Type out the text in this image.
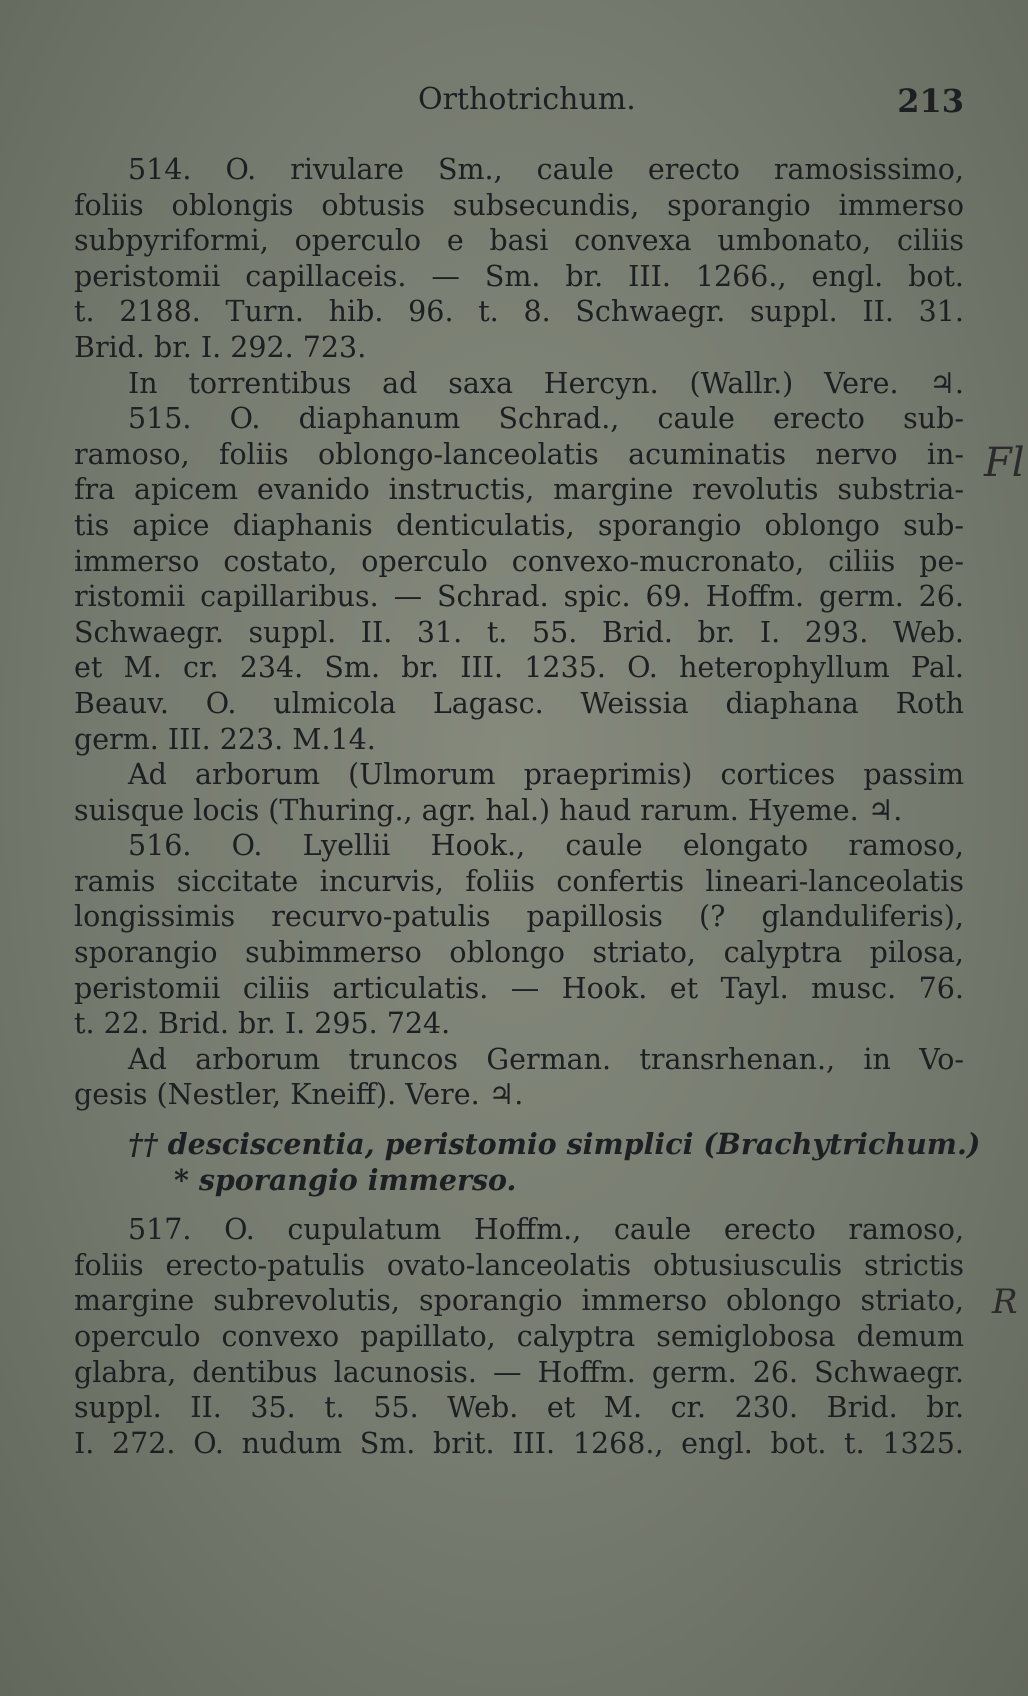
Orthotrichum.	213
514. O. rivulare Sm., caule erecto ramosissimo,
foliis oblongis obtusis subsecundis, sporangio immerso
subpyriformi, operculo e basi convexa umbonato, ciliis
peristomii capillaceis. — Sm. br. III. 1266., engl. bot.
t. 2188. Turn. hib. 96. t. 8. Schwaegr. suppl. II. 31.
Brid. br. I. 292. 723.
In torrentibus ad saxa Hercyn. (Wallr.) Vere. ♃.
515. O. diaphanum Schrad., caule erecto sub-
ramoso, foliis oblongo-lanceolatis acuminatis nervo in-
fra apicem evanido instructis, margine revolutis substria-
tis apice diaphanis denticulatis, sporangio oblongo sub-
immerso costato, operculo convexo-mucronato, ciliis pe-
ristomii capillaribus. — Schrad. spic. 69. Hoffm. germ. 26.
Schwaegr. suppl. II. 31. t. 55. Brid. br. I. 293. Web.
et M. cr. 234. Sm. br. III. 1235. O. heterophyllum Pal.
Beauv. O. ulmicola Lagasc. Weissia diaphana Roth
germ. III. 223. M.14.
Ad arborum (Ulmorum praeprimis) cortices passim
suisque locis (Thuring., agr. hal.) haud rarum. Hyeme. ♃.
516. O. Lyellii Hook., caule elongato ramoso,
ramis siccitate incurvis, foliis confertis lineari-lanceolatis
longissimis recurvo-patulis papillosis (? glanduliferis),
sporangio subimmerso oblongo striato, calyptra pilosa,
peristomii ciliis articulatis. — Hook. et Tayl. musc. 76.
t. 22. Brid. br. I. 295. 724.
Ad arborum truncos German. transrhenan., in Vo-
gesis (Nestler, Kneiff). Vere. ♃.
†† desciscentia, peristomio simplici (Brachytrichum.)
* sporangio immerso.
517. O. cupulatum Hoffm., caule erecto ramoso,
foliis erecto-patulis ovato-lanceolatis obtusiusculis strictis
margine subrevolutis, sporangio immerso oblongo striato,
operculo convexo papillato, calyptra semiglobosa demum
glabra, dentibus lacunosis. — Hoffm. germ. 26. Schwaegr.
suppl. II. 35. t. 55. Web. et M. cr. 230. Brid. br.
I. 272. O. nudum Sm. brit. III. 1268., engl. bot. t. 1325.
Fl
R
